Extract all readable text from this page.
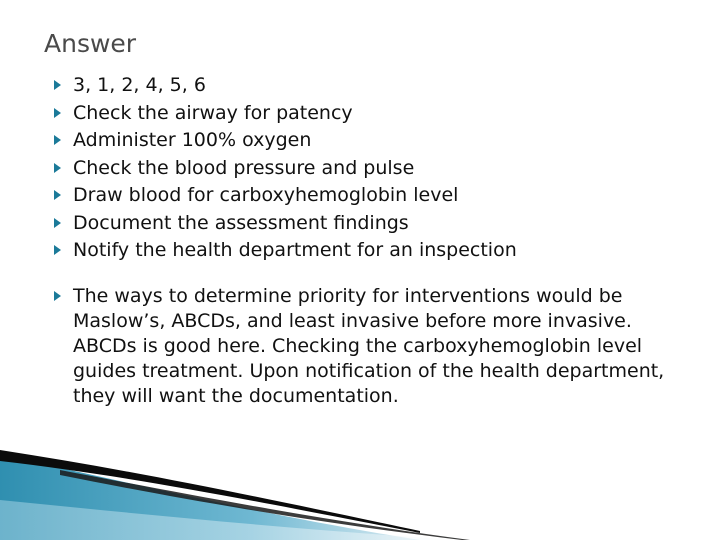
Answer
3, 1, 2, 4, 5, 6
Check the airway for patency
Administer 100% oxygen
Check the blood pressure and pulse
Draw blood for carboxyhemoglobin level
Document the assessment findings
Notify the health department for an inspection
The ways to determine priority for interventions would be Maslow’s, ABCDs, and least invasive before more invasive. ABCDs is good here. Checking the carboxyhemoglobin level guides treatment. Upon notification of the health department, they will want the documentation.
